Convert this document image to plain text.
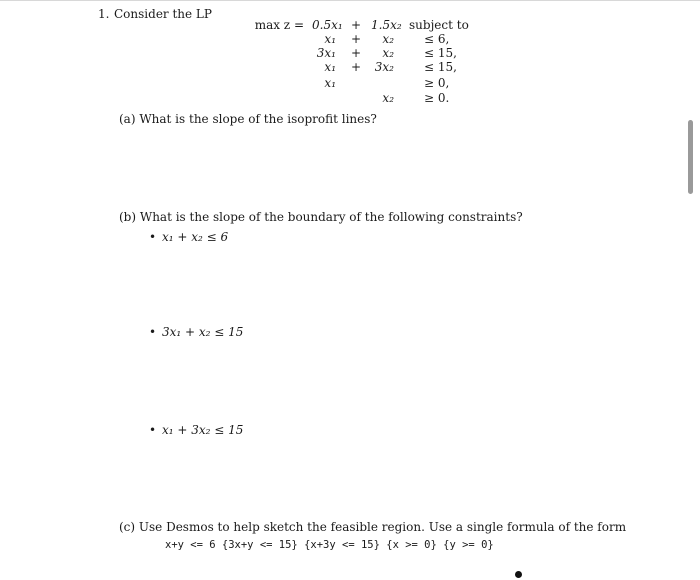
1. Consider the LP
max z = 0.5x₁ + 1.5x₂ subject to
x₁ +	x₂	≤ 6,
3x₁ +	x₂	≤ 15,
x₁ +	3x₂	≤ 15,
x₁	≥ 0,
x₂	≥ 0.
(a) What is the slope of the isoprofit lines?
(b) What is the slope of the boundary of the following constraints?
• x₁ + x₂ ≤ 6
• 3x₁ + x₂ ≤ 15
• x₁ + 3x₂ ≤ 15
(c) Use Desmos to help sketch the feasible region. Use a single formula of the form
x+y <= 6 {3x+y <= 15} {x+3y <= 15} {x >= 0} {y >= 0}
